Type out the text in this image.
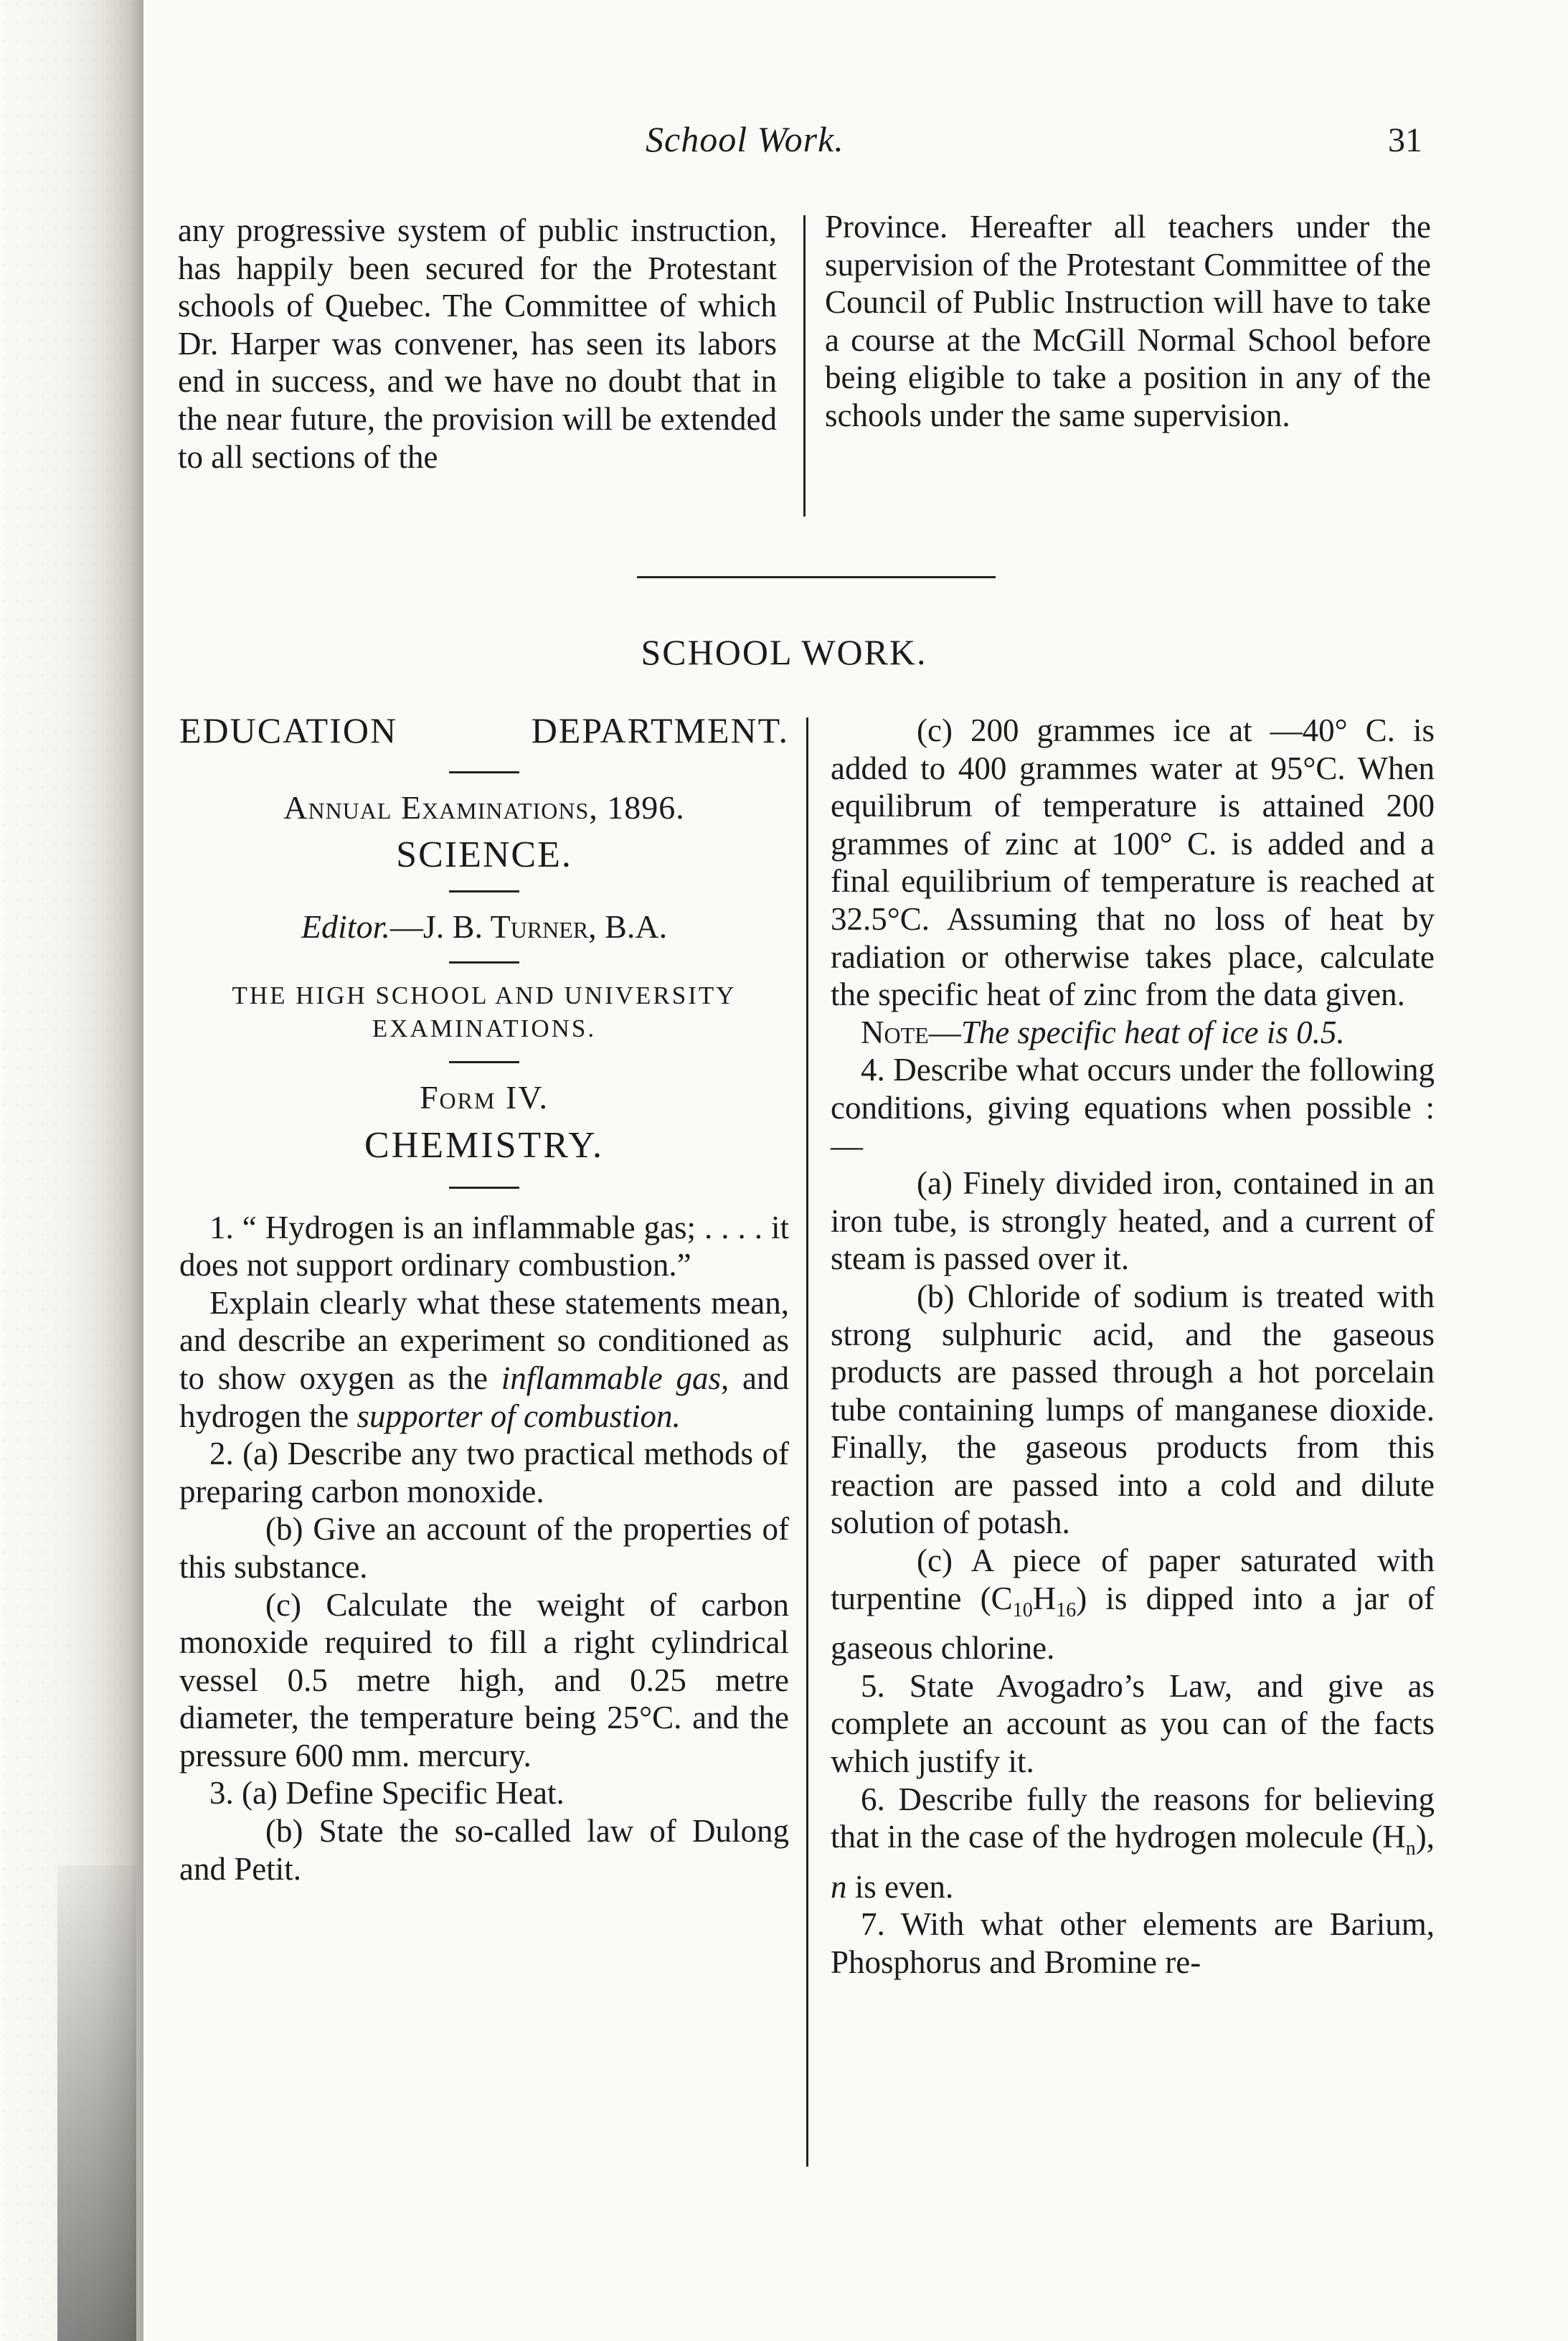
School Work.	31

any progressive system of public instruction, has happily been secured for the Protestant schools of Quebec. The Committee of which Dr. Harper was convener, has seen its labors end in success, and we have no doubt that in the near future, the provision will be extended to all sections of the

Province. Hereafter all teachers under the supervision of the Protestant Committee of the Council of Public Instruction will have to take a course at the McGill Normal School before being eligible to take a position in any of the schools under the same supervision.

SCHOOL WORK.
EDUCATION DEPARTMENT.
Annual Examinations, 1896.
SCIENCE.
Editor.—J. B. Turner, B.A.
THE HIGH SCHOOL AND UNIVERSITY
EXAMINATIONS.
Form IV.
CHEMISTRY.

1. “ Hydrogen is an inflammable gas; . . . . it does not support ordinary combustion.”

Explain clearly what these statements mean, and describe an experiment so conditioned as to show oxygen as the inflammable gas, and hydrogen the supporter of combustion.

2. (a) Describe any two practical methods of preparing carbon monoxide.

(b) Give an account of the properties of this substance.

(c) Calculate the weight of carbon monoxide required to fill a right cylindrical vessel 0.5 metre high, and 0.25 metre diameter, the temperature being 25°C. and the pressure 600 mm. mercury.

3. (a) Define Specific Heat.

(b) State the so-called law of Dulong and Petit.

(c) 200 grammes ice at —40° C. is added to 400 grammes water at 95°C. When equilibrum of temperature is attained 200 grammes of zinc at 100° C. is added and a final equilibrium of temperature is reached at 32.5°C. Assuming that no loss of heat by radiation or otherwise takes place, calculate the specific heat of zinc from the data given.

Note—The specific heat of ice is 0.5.

4. Describe what occurs under the following conditions, giving equations when possible :—

(a) Finely divided iron, contained in an iron tube, is strongly heated, and a current of steam is passed over it.

(b) Chloride of sodium is treated with strong sulphuric acid, and the gaseous products are passed through a hot porcelain tube containing lumps of manganese dioxide. Finally, the gaseous products from this reaction are passed into a cold and dilute solution of potash.

(c) A piece of paper saturated with turpentine $(C_{10}H_{16})$ is dipped into a jar of gaseous chlorine.

5. State Avogadro’s Law, and give as complete an account as you can of the facts which justify it.

6. Describe fully the reasons for believing that in the case of the hydrogen molecule $(H_n)$, n is even.

7. With what other elements are Barium, Phosphorus and Bromine re-
